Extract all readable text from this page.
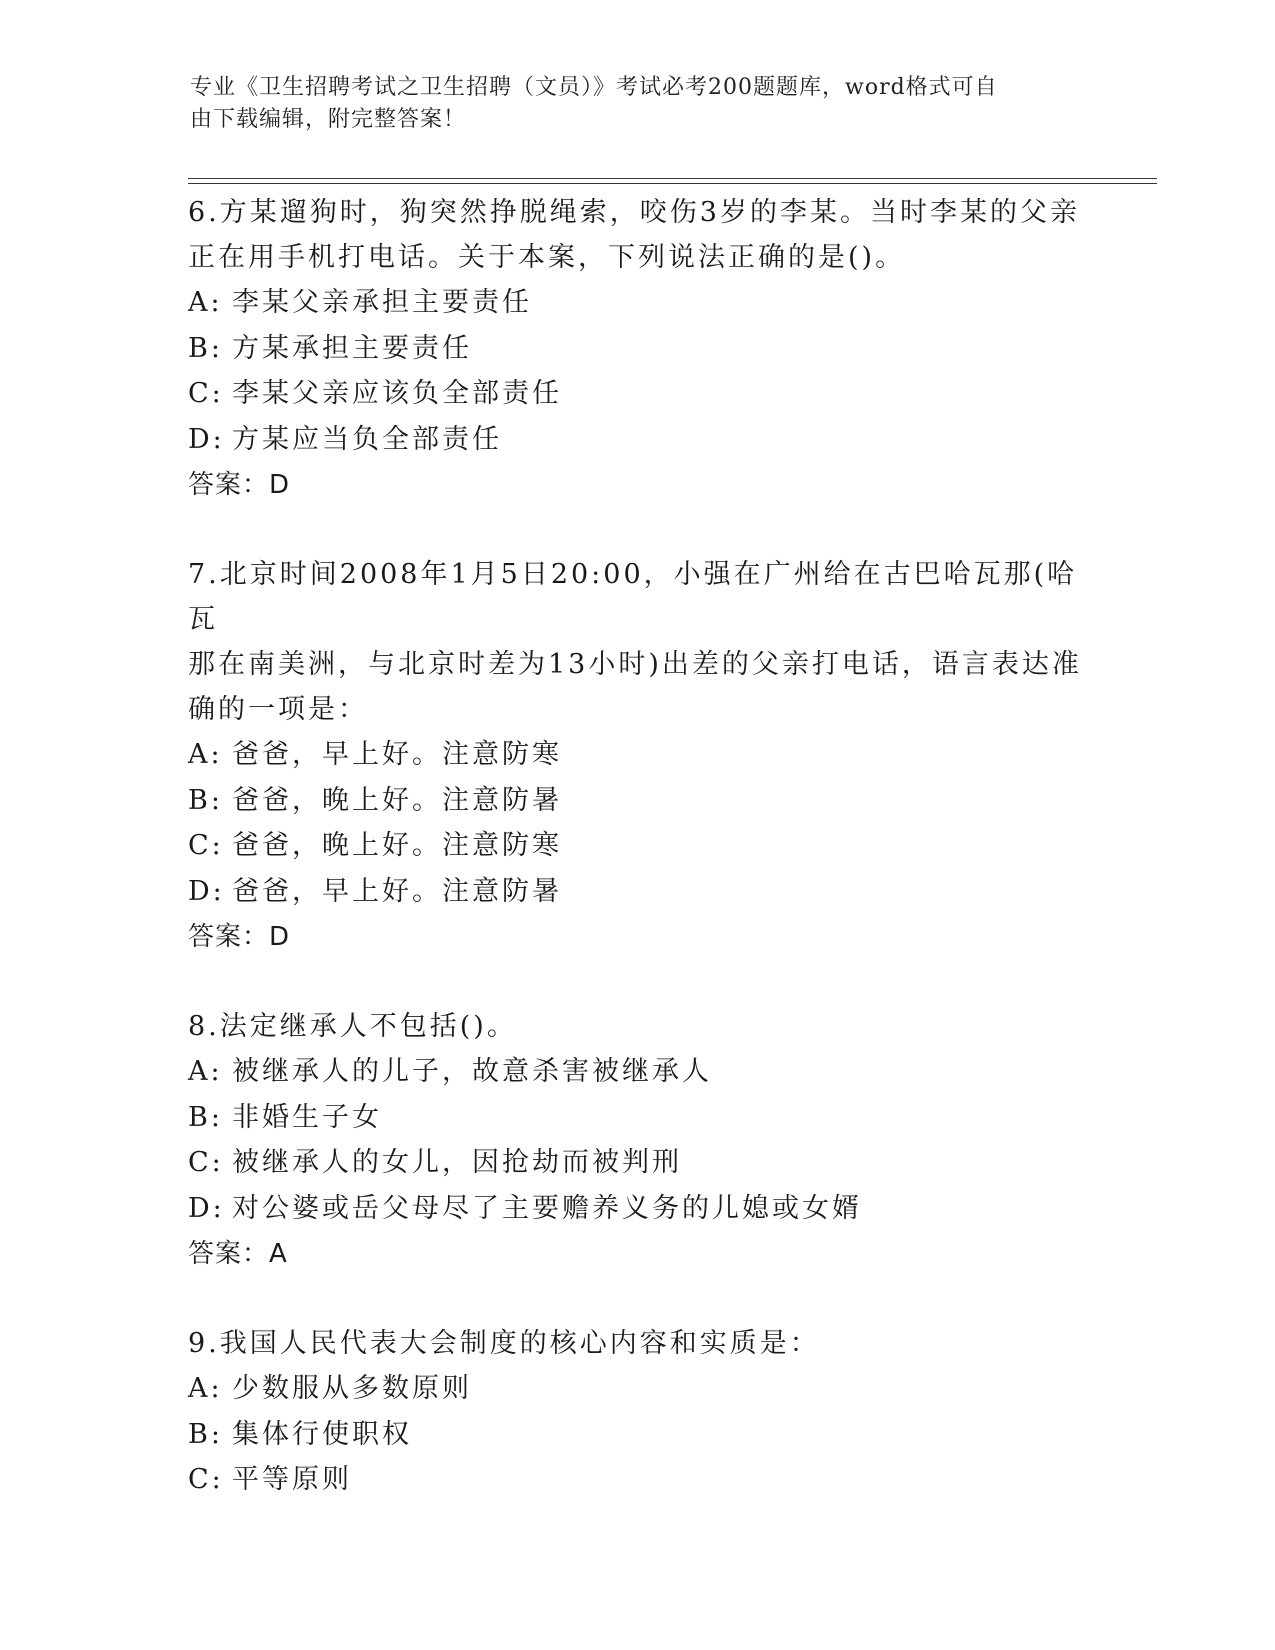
专业《卫生招聘考试之卫生招聘（文员）》考试必考200题题库，word格式可自
由下载编辑，附完整答案！

6.方某遛狗时，狗突然挣脱绳索，咬伤3岁的李某。当时李某的父亲

正在用手机打电话。关于本案，下列说法正确的是()。

A: 李某父亲承担主要责任

B: 方某承担主要责任

C: 李某父亲应该负全部责任

D: 方某应当负全部责任

答案：D

7.北京时间2008年1月5日20:00，小强在广州给在古巴哈瓦那(哈瓦

那在南美洲，与北京时差为13小时)出差的父亲打电话，语言表达准

确的一项是：

A: 爸爸，早上好。注意防寒

B: 爸爸，晚上好。注意防暑

C: 爸爸，晚上好。注意防寒

D: 爸爸，早上好。注意防暑

答案：D

8.法定继承人不包括()。

A: 被继承人的儿子，故意杀害被继承人

B: 非婚生子女

C: 被继承人的女儿，因抢劫而被判刑

D: 对公婆或岳父母尽了主要赡养义务的儿媳或女婿

答案：A

9.我国人民代表大会制度的核心内容和实质是：

A: 少数服从多数原则

B: 集体行使职权

C: 平等原则
